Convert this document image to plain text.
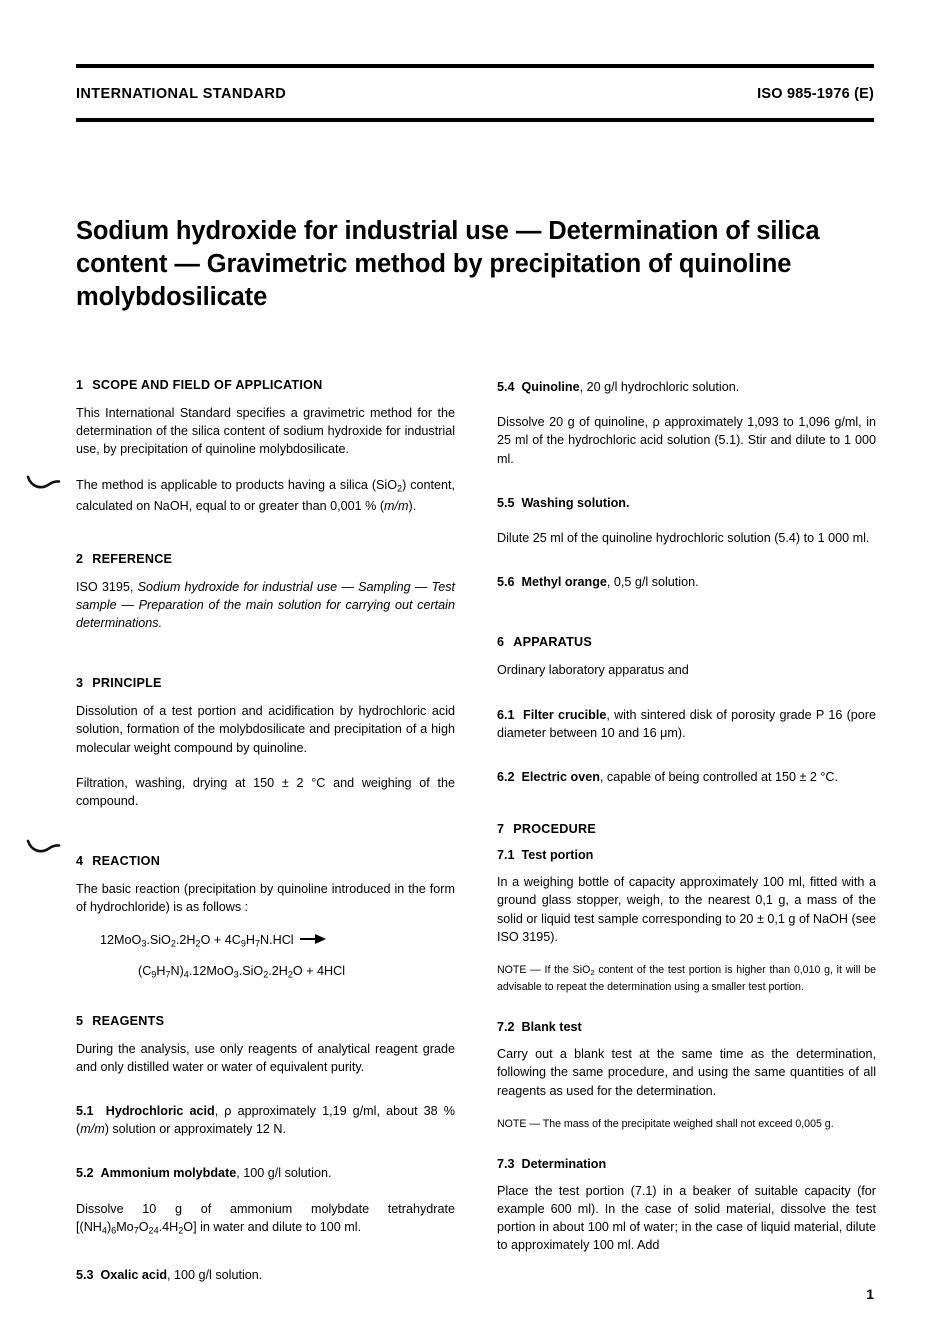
INTERNATIONAL STANDARD	ISO 985-1976 (E)
Sodium hydroxide for industrial use — Determination of silica content — Gravimetric method by precipitation of quinoline molybdosilicate
1 SCOPE AND FIELD OF APPLICATION

This International Standard specifies a gravimetric method for the determination of the silica content of sodium hydroxide for industrial use, by precipitation of quinoline molybdosilicate.

The method is applicable to products having a silica (SiO$_2$) content, calculated on NaOH, equal to or greater than 0,001 % (m/m).

2 REFERENCE

ISO 3195, Sodium hydroxide for industrial use — Sampling — Test sample — Preparation of the main solution for carrying out certain determinations.

3 PRINCIPLE

Dissolution of a test portion and acidification by hydrochloric acid solution, formation of the molybdosilicate and precipitation of a high molecular weight compound by quinoline.

Filtration, washing, drying at 150 ± 2 °C and weighing of the compound.

4 REACTION

The basic reaction (precipitation by quinoline introduced in the form of hydrochloride) is as follows :

$12MoO_3.SiO_2.2H_2O + 4C_9H_7N.HCl$
$(C_9H_7N)_4.12MoO_3.SiO_2.2H_2O + 4HCl$
5 REAGENTS

During the analysis, use only reagents of analytical reagent grade and only distilled water or water of equivalent purity.

5.1 Hydrochloric acid, ρ approximately 1,19 g/ml, about 38 % (m/m) solution or approximately 12 N.

5.2 Ammonium molybdate, 100 g/l solution.

Dissolve 10 g of ammonium molybdate tetrahydrate $[(NH_4)_6Mo_7O_{24}.4H_2O]$ in water and dilute to 100 ml.

5.3 Oxalic acid, 100 g/l solution.

5.4 Quinoline, 20 g/l hydrochloric solution.

Dissolve 20 g of quinoline, ρ approximately 1,093 to 1,096 g/ml, in 25 ml of the hydrochloric acid solution (5.1). Stir and dilute to 1 000 ml.

5.5 Washing solution.

Dilute 25 ml of the quinoline hydrochloric solution (5.4) to 1 000 ml.

5.6 Methyl orange, 0,5 g/l solution.

6 APPARATUS

Ordinary laboratory apparatus and

6.1 Filter crucible, with sintered disk of porosity grade P 16 (pore diameter between 10 and 16 μm).

6.2 Electric oven, capable of being controlled at 150 ± 2 °C.

7 PROCEDURE
7.1 Test portion

In a weighing bottle of capacity approximately 100 ml, fitted with a ground glass stopper, weigh, to the nearest 0,1 g, a mass of the solid or liquid test sample corresponding to 20 ± 0,1 g of NaOH (see ISO 3195).

NOTE — If the SiO$_2$ content of the test portion is higher than 0,010 g, it will be advisable to repeat the determination using a smaller test portion.

7.2 Blank test

Carry out a blank test at the same time as the determination, following the same procedure, and using the same quantities of all reagents as used for the determination.

NOTE — The mass of the precipitate weighed shall not exceed 0,005 g.

7.3 Determination

Place the test portion (7.1) in a beaker of suitable capacity (for example 600 ml). In the case of solid material, dissolve the test portion in about 100 ml of water; in the case of liquid material, dilute to approximately 100 ml. Add

1
